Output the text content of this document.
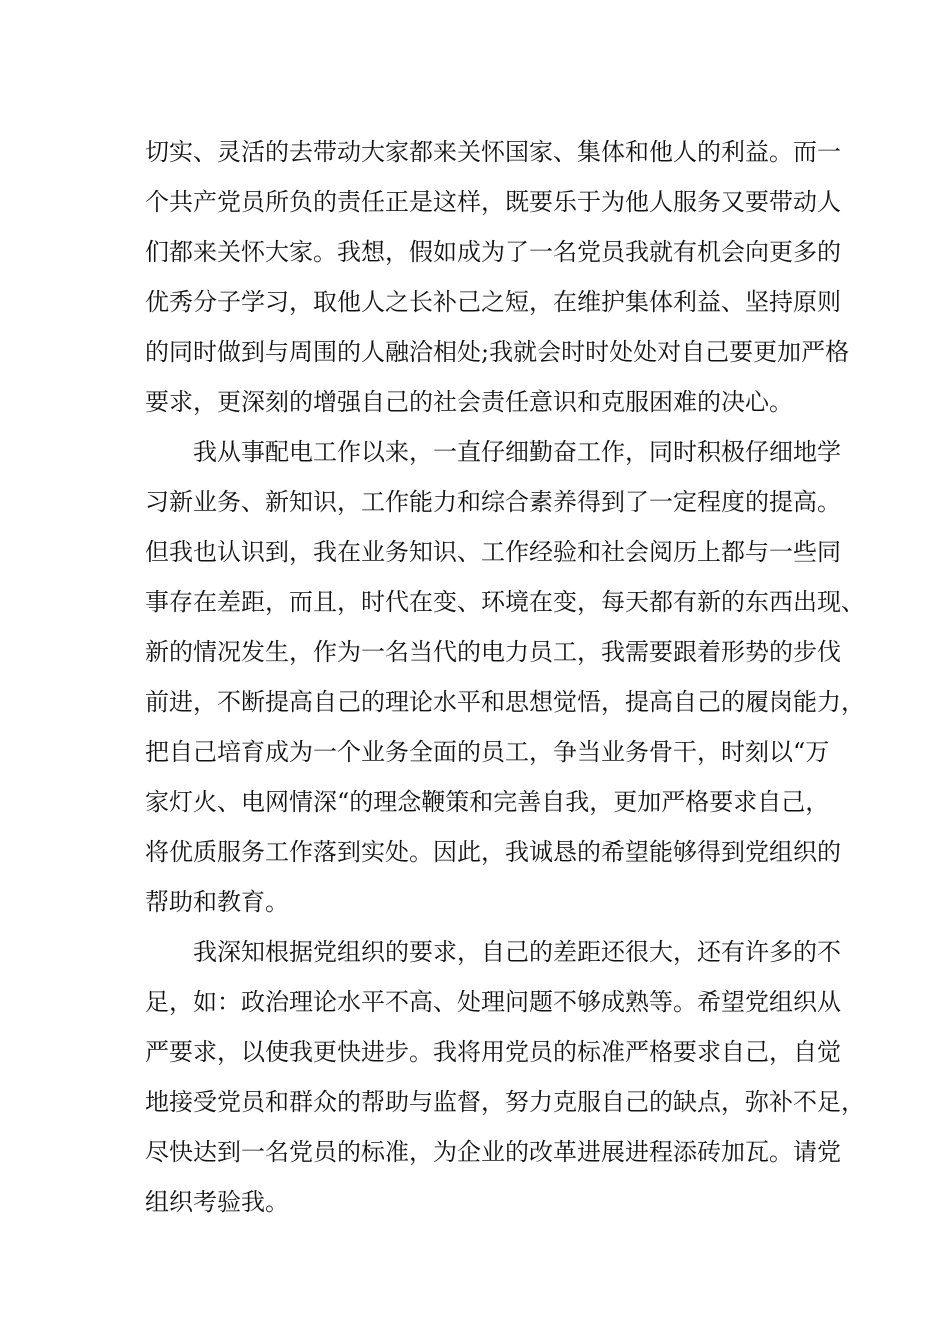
切实、灵活的去带动大家都来关怀国家、集体和他人的利益。而一
个共产党员所负的责任正是这样，既要乐于为他人服务又要带动人
们都来关怀大家。我想，假如成为了一名党员我就有机会向更多的
优秀分子学习，取他人之长补己之短，在维护集体利益、坚持原则
的同时做到与周围的人融洽相处;我就会时时处处对自己要更加严格
要求，更深刻的增强自己的社会责任意识和克服困难的决心。
我从事配电工作以来，一直仔细勤奋工作，同时积极仔细地学
习新业务、新知识，工作能力和综合素养得到了一定程度的提高。
但我也认识到，我在业务知识、工作经验和社会阅历上都与一些同
事存在差距，而且，时代在变、环境在变，每天都有新的东西出现、
新的情况发生，作为一名当代的电力员工，我需要跟着形势的步伐
前进，不断提高自己的理论水平和思想觉悟，提高自己的履岗能力，
把自己培育成为一个业务全面的员工，争当业务骨干，时刻以“万
家灯火、电网情深“的理念鞭策和完善自我，更加严格要求自己，
将优质服务工作落到实处。因此，我诚恳的希望能够得到党组织的
帮助和教育。
我深知根据党组织的要求，自己的差距还很大，还有许多的不
足，如：政治理论水平不高、处理问题不够成熟等。希望党组织从
严要求，以使我更快进步。我将用党员的标准严格要求自己，自觉
地接受党员和群众的帮助与监督，努力克服自己的缺点，弥补不足，
尽快达到一名党员的标准，为企业的改革进展进程添砖加瓦。请党
组织考验我。
